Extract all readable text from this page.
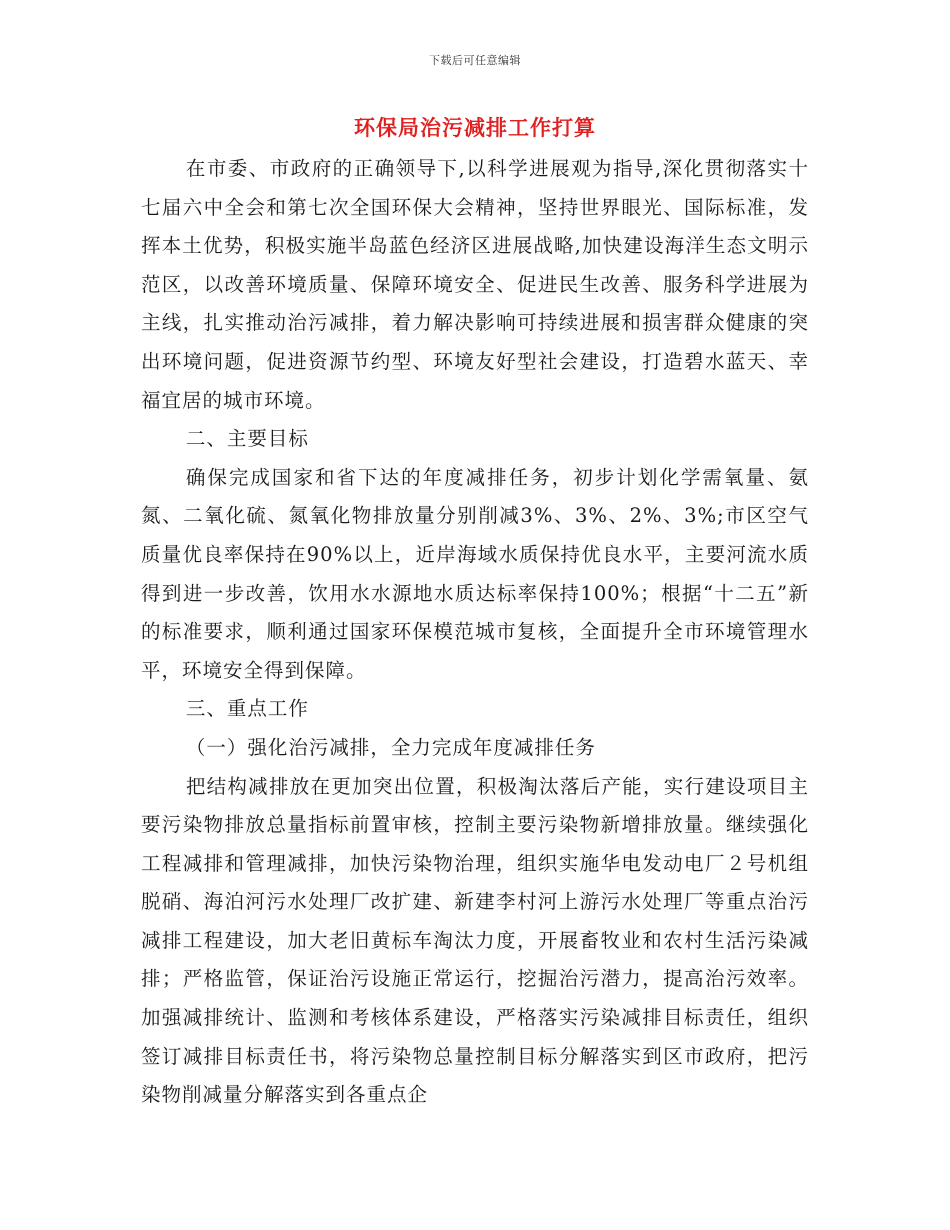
下载后可任意编辑
环保局治污减排工作打算

在市委、市政府的正确领导下,以科学进展观为指导,深化贯彻落实十七届六中全会和第七次全国环保大会精神，坚持世界眼光、国际标准，发挥本土优势，积极实施半岛蓝色经济区进展战略,加快建设海洋生态文明示范区，以改善环境质量、保障环境安全、促进民生改善、服务科学进展为主线，扎实推动治污减排，着力解决影响可持续进展和损害群众健康的突出环境问题，促进资源节约型、环境友好型社会建设，打造碧水蓝天、幸福宜居的城市环境。

二、主要目标

确保完成国家和省下达的年度减排任务，初步计划化学需氧量、氨氮、二氧化硫、氮氧化物排放量分别削减3%、3%、2%、3%;市区空气质量优良率保持在90%以上，近岸海域水质保持优良水平，主要河流水质得到进一步改善，饮用水水源地水质达标率保持100%；根据“十二五”新的标准要求，顺利通过国家环保模范城市复核，全面提升全市环境管理水平，环境安全得到保障。

三、重点工作

（一）强化治污减排，全力完成年度减排任务

把结构减排放在更加突出位置，积极淘汰落后产能，实行建设项目主要污染物排放总量指标前置审核，控制主要污染物新增排放量。继续强化工程减排和管理减排，加快污染物治理，组织实施华电发动电厂２号机组脱硝、海泊河污水处理厂改扩建、新建李村河上游污水处理厂等重点治污减排工程建设，加大老旧黄标车淘汰力度，开展畜牧业和农村生活污染减排；严格监管，保证治污设施正常运行，挖掘治污潜力，提高治污效率。加强减排统计、监测和考核体系建设，严格落实污染减排目标责任，组织签订减排目标责任书，将污染物总量控制目标分解落实到区市政府，把污染物削减量分解落实到各重点企
